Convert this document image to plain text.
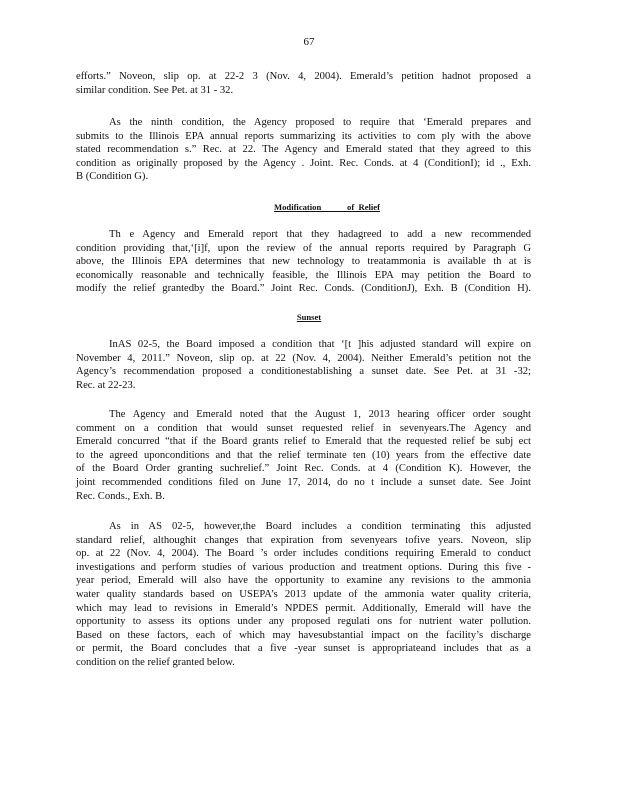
67
efforts.” Noveon, slip op. at 22-2 3 (Nov. 4, 2004). Emerald’s petition hadnot proposed a
similar condition. See Pet. at 31 - 32.
As the ninth condition, the Agency proposed to require that ‘Emerald prepares and
submits to the Illinois EPA annual reports summarizing its activities to com ply with the above
stated recommendation s.” Rec. at 22. The Agency and Emerald stated that they agreed to this
condition as originally proposed by the Agency . Joint. Rec. Conds. at 4 (ConditionI); id ., Exh.
B (Condition G).
Modification            of  Relief
Th e Agency and Emerald report that they hadagreed to add a new recommended
condition providing that,‘[i]f, upon the review of the annual reports required by Paragraph G
above, the Illinois EPA determines that new technology to treatammonia is available th at is
economically reasonable and technically feasible, the Illinois EPA may petition the Board to
modify the relief grantedby the Board.” Joint Rec. Conds. (ConditionJ), Exh. B (Condition H).
Sunset
InAS 02-5, the Board imposed a condition that ‘[t ]his adjusted standard will expire on
November 4, 2011.” Noveon, slip op. at 22 (Nov. 4, 2004). Neither Emerald’s petition not the
Agency’s recommendation proposed a conditionestablishing a sunset date. See Pet. at 31 -32;
Rec. at 22-23.
The Agency and Emerald noted that the August 1, 2013 hearing officer order sought
comment on a condition that would sunset requested relief in sevenyears.The Agency and
Emerald concurred “that if the Board grants relief to Emerald that the requested relief be subj ect
to the agreed uponconditions and that the relief terminate ten (10) years from the effective date
of the Board Order granting suchrelief.” Joint Rec. Conds. at 4 (Condition K). However, the
joint recommended conditions filed on June 17, 2014, do no t include a sunset date. See Joint
Rec. Conds., Exh. B.
As in AS 02-5, however,the Board includes a condition terminating this adjusted
standard relief, althoughit changes that expiration from sevenyears tofive years. Noveon, slip
op. at 22 (Nov. 4, 2004). The Board ’s order includes conditions requiring Emerald to conduct
investigations and perform studies of various production and treatment options. During this five -
year period, Emerald will also have the opportunity to examine any revisions to the ammonia
water quality standards based on USEPA’s 2013 update of the ammonia water quality criteria,
which may lead to revisions in Emerald’s NPDES permit. Additionally, Emerald will have the
opportunity to assess its options under any proposed regulati ons for nutrient water pollution.
Based on these factors, each of which may havesubstantial impact on the facility’s discharge
or permit, the Board concludes that a five -year sunset is appropriateand includes that as a
condition on the relief granted below.
